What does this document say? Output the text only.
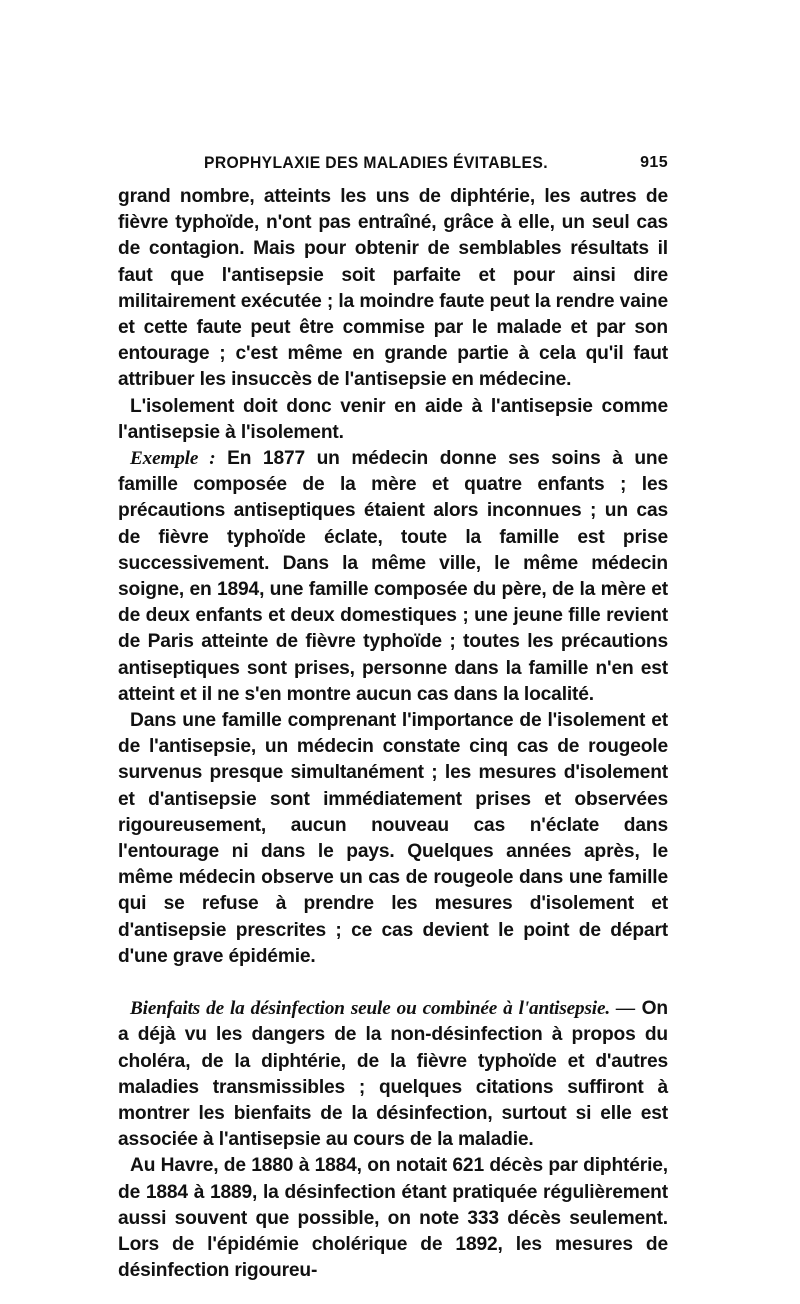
PROPHYLAXIE DES MALADIES ÉVITABLES.	915

grand nombre, atteints les uns de diphtérie, les autres de fièvre typhoïde, n'ont pas entraîné, grâce à elle, un seul cas de contagion. Mais pour obtenir de semblables résultats il faut que l'antisepsie soit parfaite et pour ainsi dire militairement exécutée ; la moindre faute peut la rendre vaine et cette faute peut être commise par le malade et par son entourage ; c'est même en grande partie à cela qu'il faut attribuer les insuccès de l'antisepsie en médecine.

L'isolement doit donc venir en aide à l'antisepsie comme l'antisepsie à l'isolement.

Exemple : En 1877 un médecin donne ses soins à une famille composée de la mère et quatre enfants ; les précautions antiseptiques étaient alors inconnues ; un cas de fièvre typhoïde éclate, toute la famille est prise successivement. Dans la même ville, le même médecin soigne, en 1894, une famille composée du père, de la mère et de deux enfants et deux domestiques ; une jeune fille revient de Paris atteinte de fièvre typhoïde ; toutes les précautions antiseptiques sont prises, personne dans la famille n'en est atteint et il ne s'en montre aucun cas dans la localité.

Dans une famille comprenant l'importance de l'isolement et de l'antisepsie, un médecin constate cinq cas de rougeole survenus presque simultanément ; les mesures d'isolement et d'antisepsie sont immédiatement prises et observées rigoureusement, aucun nouveau cas n'éclate dans l'entourage ni dans le pays. Quelques années après, le même médecin observe un cas de rougeole dans une famille qui se refuse à prendre les mesures d'isolement et d'antisepsie prescrites ; ce cas devient le point de départ d'une grave épidémie.

Bienfaits de la désinfection seule ou combinée à l'antisepsie. — On a déjà vu les dangers de la non-désinfection à propos du choléra, de la diphtérie, de la fièvre typhoïde et d'autres maladies transmissibles ; quelques citations suffiront à montrer les bienfaits de la désinfection, surtout si elle est associée à l'antisepsie au cours de la maladie.

Au Havre, de 1880 à 1884, on notait 621 décès par diphtérie, de 1884 à 1889, la désinfection étant pratiquée régulièrement aussi souvent que possible, on note 333 décès seulement. Lors de l'épidémie cholérique de 1892, les mesures de désinfection rigoureu-
